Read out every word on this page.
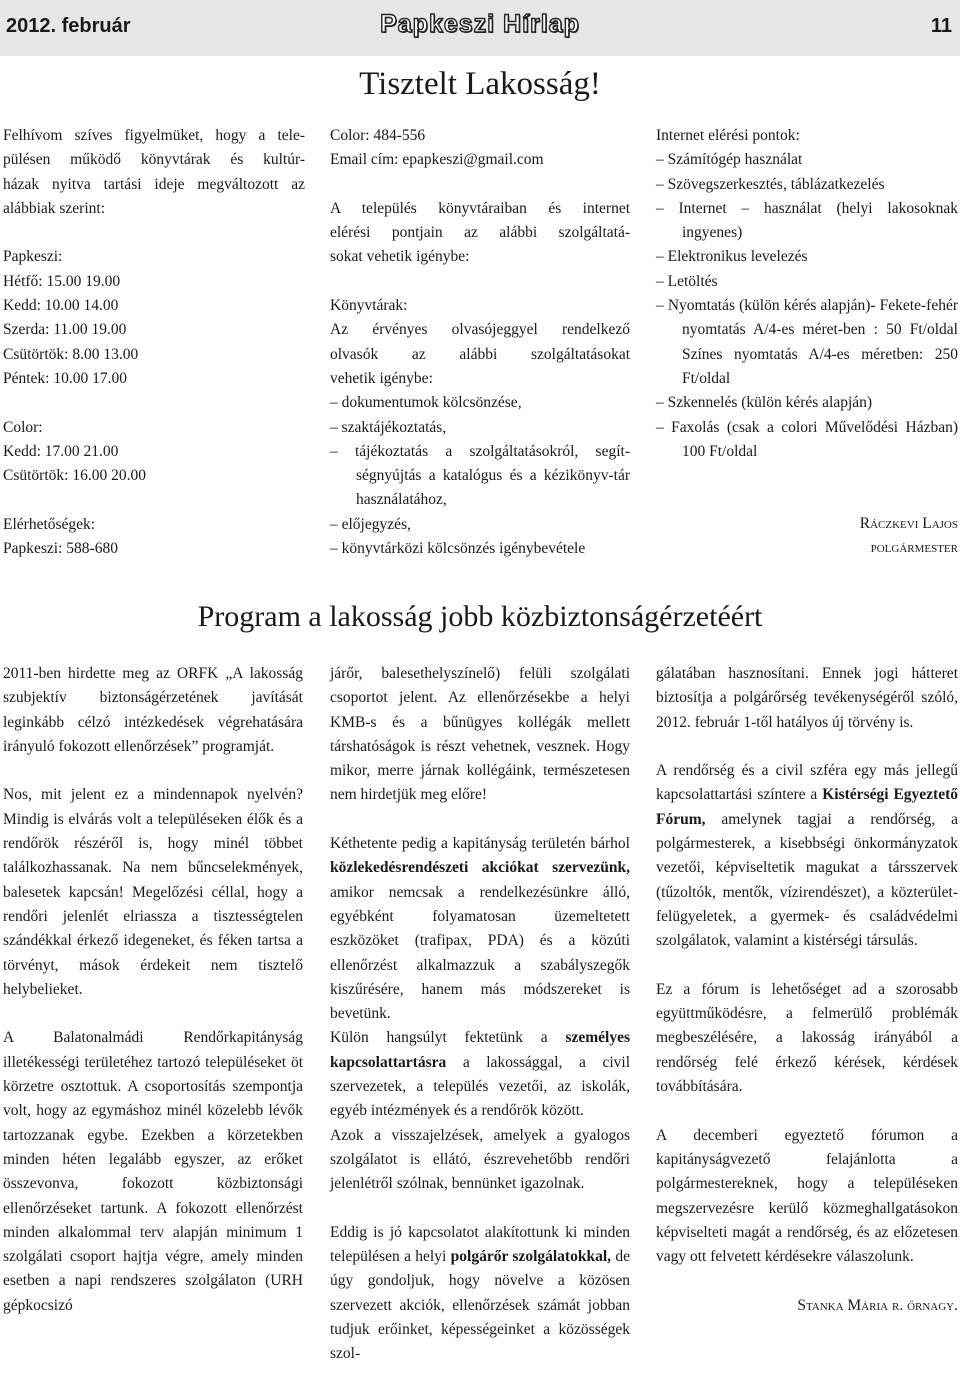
2012. február	Papkeszi Hírlap	11
Tisztelt Lakosság!

Felhívom szíves figyelmüket, hogy a tele-

pülésen működő könyvtárak és kultúr-

házak nyitva tartási ideje megváltozott az

alábbiak szerint:

Papkeszi:

Hétfő: 15.00 19.00

Kedd: 10.00 14.00

Szerda: 11.00 19.00

Csütörtök: 8.00 13.00

Péntek: 10.00 17.00

Color:

Kedd: 17.00 21.00

Csütörtök: 16.00 20.00

Elérhetőségek:

Papkeszi: 588-680

Color: 484-556

Email cím: epapkeszi@gmail.com

A település könyvtáraiban és internet

elérési pontjain az alábbi szolgáltatá-

sokat vehetik igénybe:

Könyvtárak:

Az érvényes olvasójeggyel rendelkező

olvasók az alábbi szolgáltatásokat

vehetik igénybe:

– dokumentumok kölcsönzése,

– szaktájékoztatás,

– tájékoztatás a szolgáltatásokról, segít-ségnyújtás a katalógus és a kézikönyv-tár használatához,

– előjegyzés,

– könyvtárközi kölcsönzés igénybevétele

Internet elérési pontok:

– Számítógép használat

– Szövegszerkesztés, táblázatkezelés

– Internet – használat (helyi lakosoknak ingyenes)

– Elektronikus levelezés

– Letöltés

– Nyomtatás (külön kérés alapján)- Fekete-fehér nyomtatás A/4-es méret-ben : 50 Ft/oldal Színes nyomtatás A/4-es méretben: 250 Ft/oldal

– Szkennelés (külön kérés alapján)

– Faxolás (csak a colori Művelődési Házban) 100 Ft/oldal

Ráczkevi Lajos

polgármester

Program a lakosság jobb közbiztonságérzetéért

2011-ben hirdette meg az ORFK „A lakosság szubjektív biztonságérzetének javítását leginkább célzó intézkedések végrehatására irányuló fokozott ellenőrzések” programját.

Nos, mit jelent ez a mindennapok nyelvén? Mindig is elvárás volt a településeken élők és a rendőrök részéről is, hogy minél többet találkozhassanak. Na nem bűncselekmények, balesetek kapcsán! Megelőzési céllal, hogy a rendőri jelenlét elriassza a tisztességtelen szándékkal érkező idegeneket, és féken tartsa a törvényt, mások érdekeit nem tisztelő helybelieket.

A Balatonalmádi Rendőrkapitányság illetékességi területéhez tartozó településeket öt körzetre osztottuk. A csoportosítás szempontja volt, hogy az egymáshoz minél közelebb lévők tartozzanak egybe. Ezekben a körzetekben minden héten legalább egyszer, az erőket összevonva, fokozott közbiztonsági ellenőrzéseket tartunk. A fokozott ellenőrzést minden alkalommal terv alapján minimum 1 szolgálati csoport hajtja végre, amely minden esetben a napi rendszeres szolgálaton (URH gépkocsizó

járőr, balesethelyszínelő) felüli szolgálati csoportot jelent. Az ellenőrzésekbe a helyi KMB-s és a bűnügyes kollégák mellett társhatóságok is részt vehetnek, vesznek. Hogy mikor, merre járnak kollégáink, természetesen nem hirdetjük meg előre!

Kéthetente pedig a kapitányság területén bárhol közlekedésrendészeti akciókat szervezünk, amikor nemcsak a rendelkezésünkre álló, egyébként folyamatosan üzemeltetett eszközöket (trafipax, PDA) és a közúti ellenőrzést alkalmazzuk a szabályszegők kiszűrésére, hanem más módszereket is bevetünk.

Külön hangsúlyt fektetünk a személyes kapcsolattartásra a lakossággal, a civil szervezetek, a település vezetői, az iskolák, egyéb intézmények és a rendőrök között.

Azok a visszajelzések, amelyek a gyalogos szolgálatot is ellátó, észrevehetőbb rendőri jelenlétről szólnak, bennünket igazolnak.

Eddig is jó kapcsolatot alakítottunk ki minden településen a helyi polgárőr szolgálatokkal, de úgy gondoljuk, hogy növelve a közösen szervezett akciók, ellenőrzések számát jobban tudjuk erőinket, képességeinket a közösségek szol-

gálatában hasznosítani. Ennek jogi hátteret biztosítja a polgárőrség tevékenységéről szóló, 2012. február 1-től hatályos új törvény is.

A rendőrség és a civil szféra egy más jellegű kapcsolattartási színtere a Kistérségi Egyeztető Fórum, amelynek tagjai a rendőrség, a polgármesterek, a kisebbségi önkormányzatok vezetői, képviseltetik magukat a társszervek (tűzoltók, mentők, vízirendészet), a közterület-felügyeletek, a gyermek- és családvédelmi szolgálatok, valamint a kistérségi társulás.

Ez a fórum is lehetőséget ad a szorosabb együttműködésre, a felmerülő problémák megbeszélésére, a lakosság irányából a rendőrség felé érkező kérések, kérdések továbbítására.

A decemberi egyeztető fórumon a kapitányságvezető felajánlotta a polgármestereknek, hogy a településeken megszervezésre kerülő közmeghallgatásokon képviselteti magát a rendőrség, és az előzetesen vagy ott felvetett kérdésekre válaszolunk.

Stanka Mária r. őrnagy.
